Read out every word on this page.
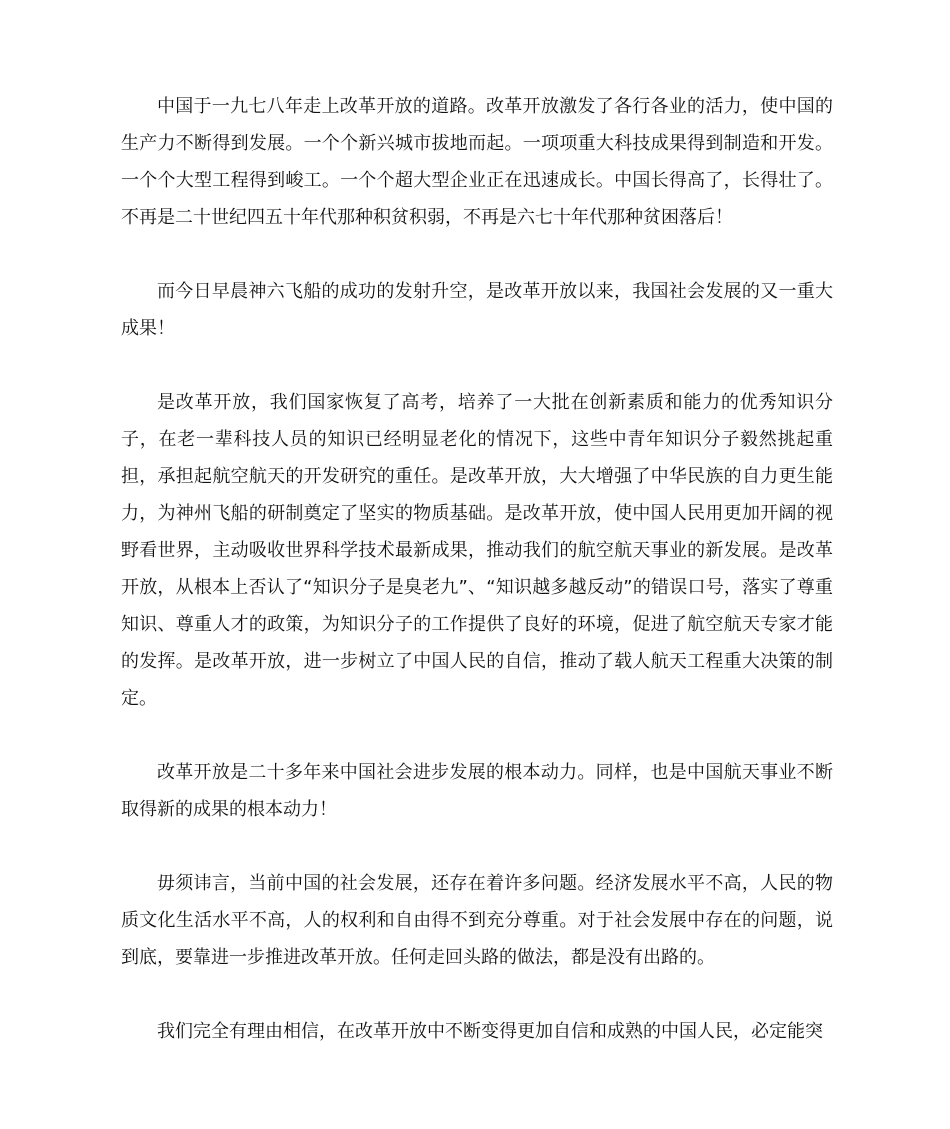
中国于一九七八年走上改革开放的道路。改革开放激发了各行各业的活力，使中国的生产力不断得到发展。一个个新兴城市拔地而起。一项项重大科技成果得到制造和开发。一个个大型工程得到峻工。一个个超大型企业正在迅速成长。中国长得高了，长得壮了。不再是二十世纪四五十年代那种积贫积弱，不再是六七十年代那种贫困落后！

而今日早晨神六飞船的成功的发射升空，是改革开放以来，我国社会发展的又一重大成果！

是改革开放，我们国家恢复了高考，培养了一大批在创新素质和能力的优秀知识分子，在老一辈科技人员的知识已经明显老化的情况下，这些中青年知识分子毅然挑起重担，承担起航空航天的开发研究的重任。是改革开放，大大增强了中华民族的自力更生能力，为神州飞船的研制奠定了坚实的物质基础。是改革开放，使中国人民用更加开阔的视野看世界，主动吸收世界科学技术最新成果，推动我们的航空航天事业的新发展。是改革开放，从根本上否认了“知识分子是臭老九”、“知识越多越反动”的错误口号，落实了尊重知识、尊重人才的政策，为知识分子的工作提供了良好的环境，促进了航空航天专家才能的发挥。是改革开放，进一步树立了中国人民的自信，推动了载人航天工程重大决策的制定。

改革开放是二十多年来中国社会进步发展的根本动力。同样，也是中国航天事业不断取得新的成果的根本动力！

毋须讳言，当前中国的社会发展，还存在着许多问题。经济发展水平不高，人民的物质文化生活水平不高，人的权利和自由得不到充分尊重。对于社会发展中存在的问题，说到底，要靠进一步推进改革开放。任何走回头路的做法，都是没有出路的。

我们完全有理由相信，在改革开放中不断变得更加自信和成熟的中国人民，必定能突
